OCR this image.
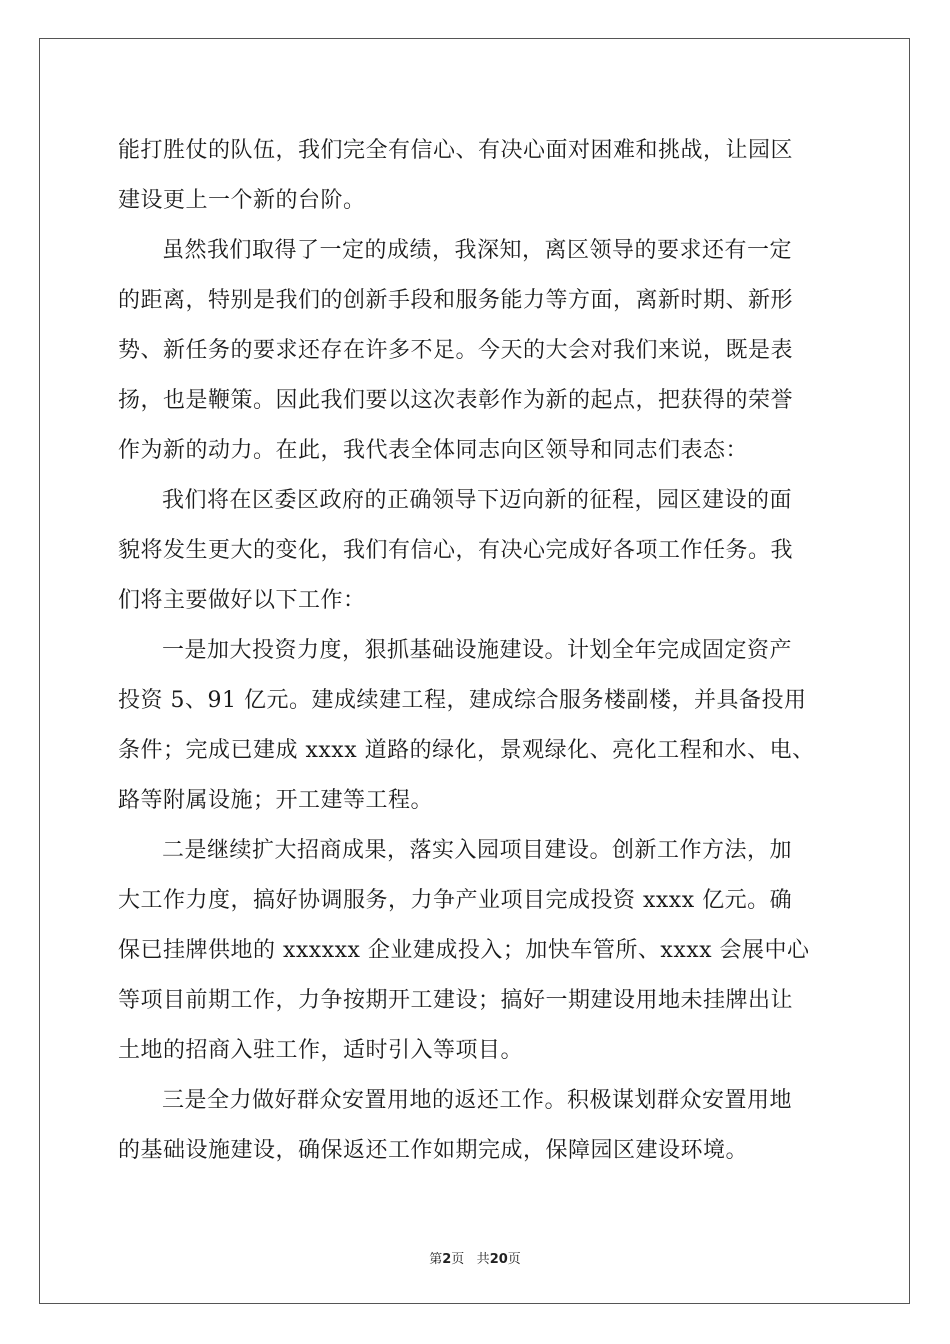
能打胜仗的队伍，我们完全有信心、有决心面对困难和挑战，让园区
建设更上一个新的台阶。
虽然我们取得了一定的成绩，我深知，离区领导的要求还有一定
的距离，特别是我们的创新手段和服务能力等方面，离新时期、新形
势、新任务的要求还存在许多不足。今天的大会对我们来说，既是表
扬，也是鞭策。因此我们要以这次表彰作为新的起点，把获得的荣誉
作为新的动力。在此，我代表全体同志向区领导和同志们表态：
我们将在区委区政府的正确领导下迈向新的征程，园区建设的面
貌将发生更大的变化，我们有信心，有决心完成好各项工作任务。我
们将主要做好以下工作：
一是加大投资力度，狠抓基础设施建设。计划全年完成固定资产
投资 5、91 亿元。建成续建工程，建成综合服务楼副楼，并具备投用
条件；完成已建成 xxxx 道路的绿化，景观绿化、亮化工程和水、电、
路等附属设施；开工建等工程。
二是继续扩大招商成果，落实入园项目建设。创新工作方法，加
大工作力度，搞好协调服务，力争产业项目完成投资 xxxx 亿元。确
保已挂牌供地的 xxxxxx 企业建成投入；加快车管所、xxxx 会展中心
等项目前期工作，力争按期开工建设；搞好一期建设用地未挂牌出让
土地的招商入驻工作，适时引入等项目。
三是全力做好群众安置用地的返还工作。积极谋划群众安置用地
的基础设施建设，确保返还工作如期完成，保障园区建设环境。
第2页 共20页
